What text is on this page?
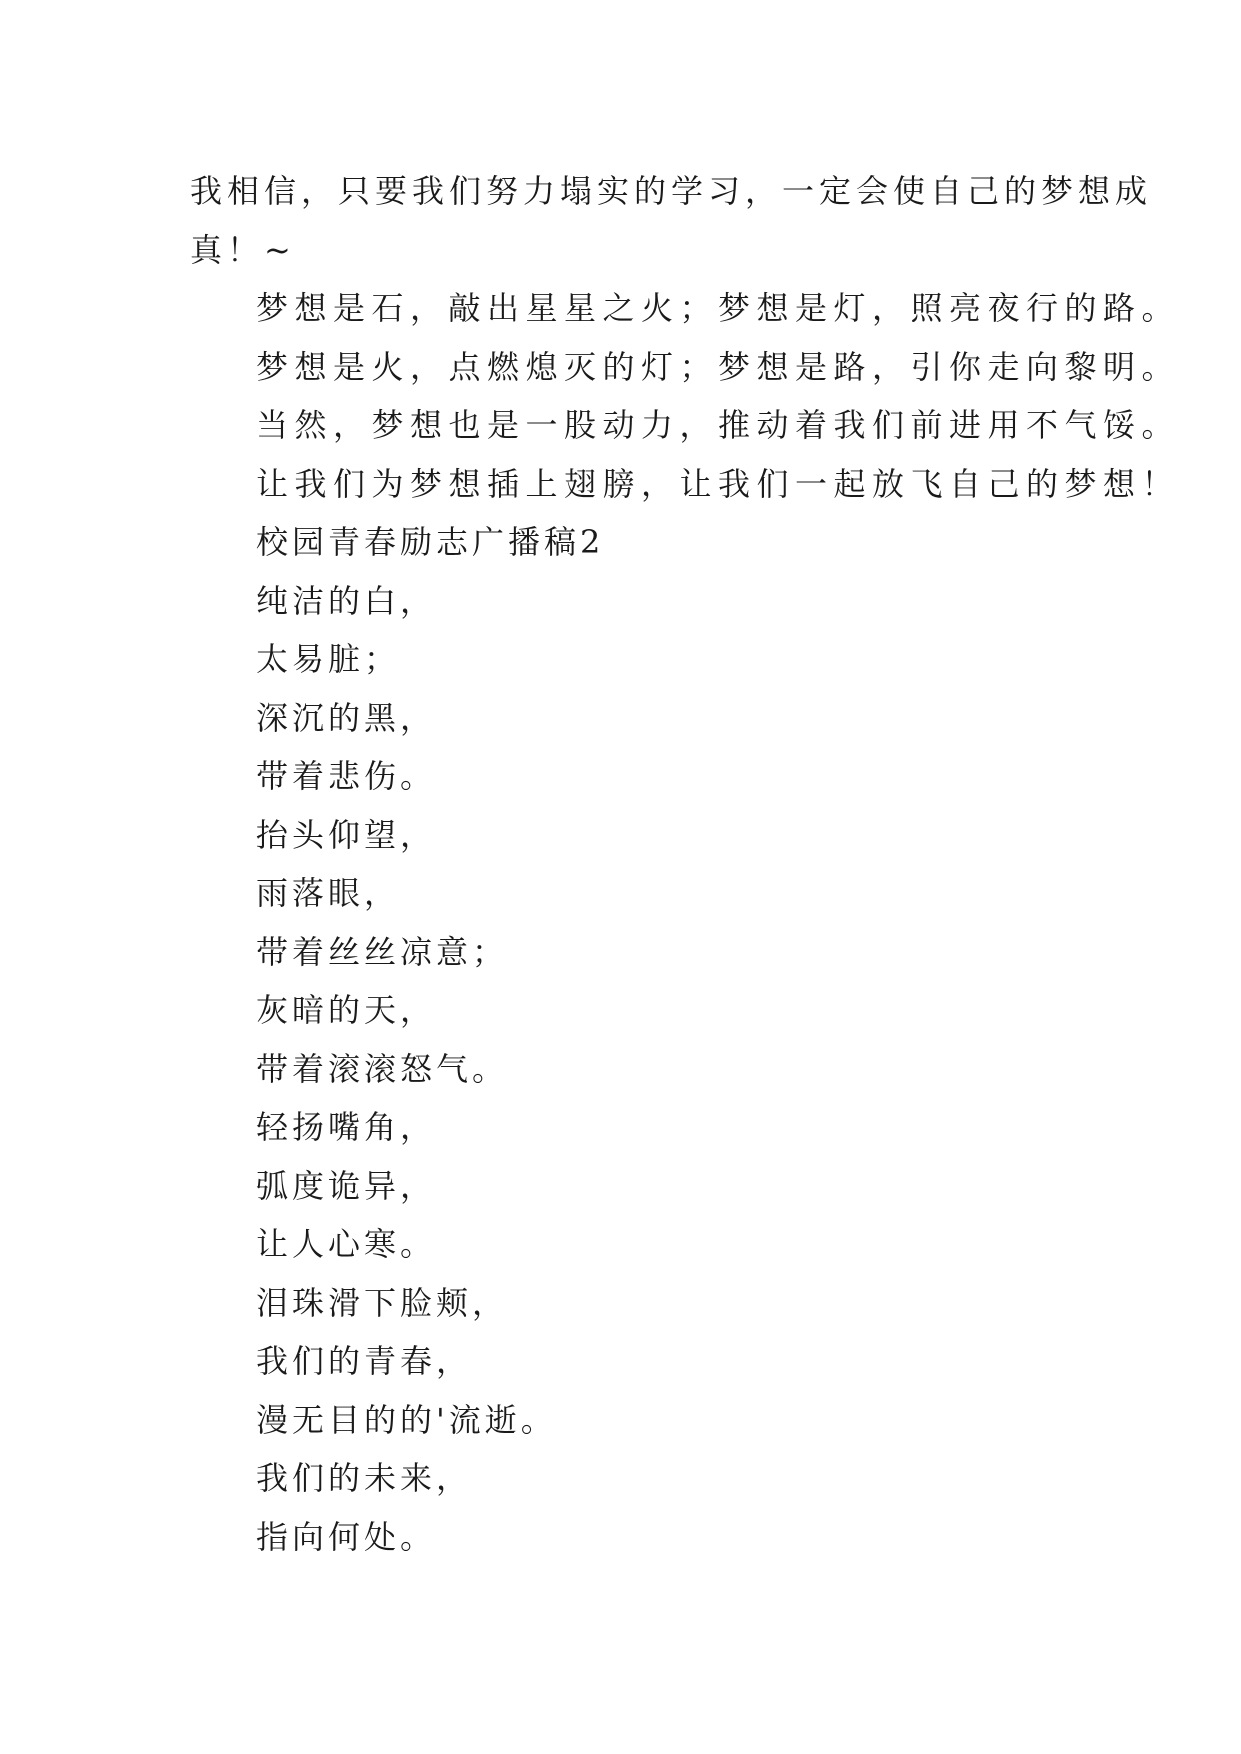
我相信，只要我们努力塌实的学习，一定会使自己的梦想成

真！~

梦想是石，敲出星星之火；梦想是灯，照亮夜行的路。

梦想是火，点燃熄灭的灯；梦想是路，引你走向黎明。

当然，梦想也是一股动力，推动着我们前进用不气馁。

让我们为梦想插上翅膀，让我们一起放飞自己的梦想！

校园青春励志广播稿2

纯洁的白，

太易脏；

深沉的黑，

带着悲伤。

抬头仰望，

雨落眼，

带着丝丝凉意；

灰暗的天，

带着滚滚怒气。

轻扬嘴角，

弧度诡异，

让人心寒。

泪珠滑下脸颊，

我们的青春，

漫无目的的'流逝。

我们的未来，

指向何处。
